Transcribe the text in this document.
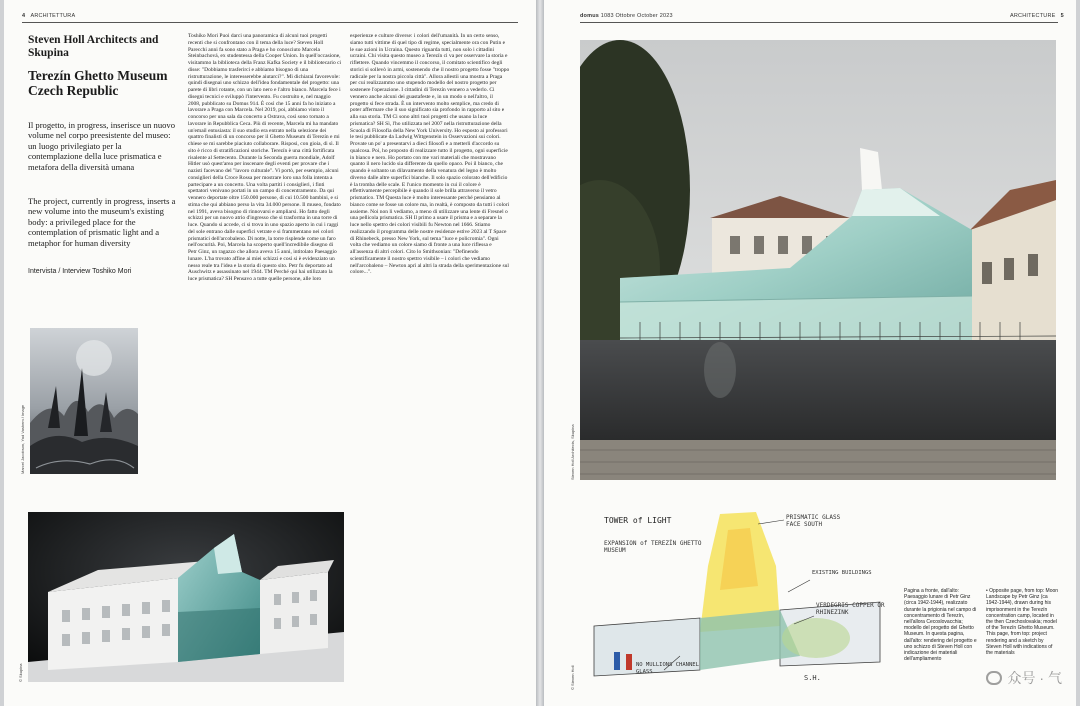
4 ARCHITETTURA
Steven Holl Architects and Skupina
Terezín Ghetto Museum
Czech Republic
Il progetto, in progress, inserisce un nuovo volume nel corpo preesistente del museo: un luogo privilegiato per la contemplazione della luce prismatica e metafora della diversità umana
The project, currently in progress, inserts a new volume into the museum's existing body: a privileged place for the contemplation of prismatic light and a metaphor for human diversity
Intervista / Interview Toshiko Mori
Marcel Jacobson, Yad Vashem / Image
Toshiko Mori Puoi darci una panoramica di alcuni tuoi progetti recenti che si confrontano con il tema della luce? Steven Holl Parecchi anni fa sono stato a Praga e ho conosciuto Marcela Steinbachová, ex studentessa della Cooper Union. In quell'occasione, visitammo la biblioteca della Franz Kafka Society e il bibliotecario ci disse: "Dobbiamo trasferirci e abbiamo bisogno di una ristrutturazione, le interesserebbe aiutarci?". Mi dichiarai favorevole: quindi disegnai uno schizzo dell'idea fondamentale del progetto: una parete di libri rotante, con un lato nero e l'altro bianco. Marcela fece i disegni tecnici e sviluppò l'intervento. Fu costruito e, nel maggio 2008, pubblicato su Domus 914. È così che 15 anni fa ho iniziato a lavorare a Praga con Marcela. Nel 2019, poi, abbiamo vinto il concorso per una sala da concerto a Ostrava, così sono tornato a lavorare in Repubblica Ceca. Più di recente, Marcela mi ha mandato un'email entusiasta: il suo studio era entrato nella selezione dei quattro finalisti di un concorso per il Ghetto Museum di Terezín e mi chiese se mi sarebbe piaciuto collaborare. Risposi, con gioia, di sì. Il sito è ricco di stratificazioni storiche. Terezín è una città fortificata risalente al Settecento. Durante la Seconda guerra mondiale, Adolf Hitler usò quest'area per inscenare degli eventi per provare che i nazisti facevano del "lavoro culturale". Vi portò, per esempio, alcuni consiglieri della Croce Rossa per mostrare loro una folla intenta a partecipare a un concerto. Una volta partiti i consiglieri, i finti spettatori venivano portati in un campo di concentramento. Da qui vennero deportate oltre 150.000 persone, di cui 10.500 bambini, e si stima che qui abbiano perso la vita 34.000 persone. Il museo, fondato nel 1991, aveva bisogno di rinnovarsi e ampliarsi. Ho fatto degli schizzi per un nuovo atrio d'ingresso che si trasforma in una torre di luce. Quando si accede, ci si trova in uno spazio aperto in cui i raggi del sole entrano dalle superfici vetrate e si frammentano nei colori prismatici dell'arcobaleno. Di notte, la torre risplende come un faro nell'oscurità. Poi, Marcela ha scoperto quell'incredibile disegno di Petr Ginz, un ragazzo che allora aveva 15 anni, intitolato Paesaggio lunare. L'ha trovato affine ai miei schizzi e così si è evidenziato un nesso reale tra l'idea e la storia di questo sito. Petr fu deportato ad Auschwitz e assassinato nel 1944. TM Perché qui hai utilizzato la luce prismatica? SH Pensavo a tutte quelle persone, alle loro
esperienze e culture diverse: i colori dell'umanità. In un certo senso, siamo tutti vittime di quel tipo di regime, specialmente ora con Putin e le sue azioni in Ucraina. Questo riguarda tutti, non solo i cittadini ucraini. Chi visita questo museo a Terezín ci va per osservare la storia e riflettere. Quando vincemmo il concorso, il comitato scientifico degli storici si sollevò in armi, sostenendo che il nostro progetto fosse "troppo radicale per la nostra piccola città". Allora allestii una mostra a Praga per cui realizzammo uno stupendo modello del nostro progetto per sostenere l'operazione. I cittadini di Terezín vennero a vederlo. Ci vennero anche alcuni dei guastafeste e, in un modo o nell'altro, il progetto si fece strada. È un intervento molto semplice, ma credo di poter affermare che il suo significato sia profondo in rapporto al sito e alla sua storia. TM Ci sono altri tuoi progetti che usano la luce prismatica? SH Sì, l'ho utilizzata nel 2007 nella ristrutturazione della Scuola di Filosofia della New York University. Ho esposto ai professori le tesi pubblicate da Ludwig Wittgenstein in Osservazioni sui colori. Provate un po' a presentarvi a dieci filosofi e a metterli d'accordo su qualcosa. Poi, ho proposto di realizzare tutto il progetto, ogni superficie in bianco e nero. Ho portato con me vari materiali che mostravano quanto il nero lucido sia differente da quello opaco. Poi il bianco, che quando è soltanto un dilavamento della venatura del legno è molto diverso dalle altre superfici bianche. Il solo spazio colorato dell'edificio è la tromba delle scale. E l'unico momento in cui il colore è effettivamente percepibile è quando il sole brilla attraverso il vetro prismatico. TM Questa luce è molto interessante perché pensiamo al bianco come se fosse un colore ma, in realtà, è composto da tutti i colori assieme. Noi non li vediamo, a meno di utilizzare una lente di Fresnel o una pellicola prismatica. SH Il primo a usare il prisma e a separare la luce nello spettro dei colori visibili fu Newton nel 1666. Stiamo realizzando il programma delle nostre residenze estive 2023 al T Space di Rhinebeck, presso New York, sul tema "luce e policromia". Ogni volta che vediamo un colore siamo di fronte a una luce riflessa e all'assenza di altri colori. Cito lo Smithsonian: "Definendo scientificamente il nostro spettro visibile – i colori che vediamo nell'arcobaleno – Newton aprì al altri la strada della sperimentazione sul colore...".
© Skupina
domus 1083 Ottobre October 2023	ARCHITECTURE 5
Steven Holl Architects, Skupina
TOWER of LIGHT
EXPANSION of TEREZÍN GHETTO MUSEUM
PRISMATIC GLASS FACE SOUTH
EXISTING BUILDINGS
VERDEGRIS COPPER OR RHINEZINK
NO MULLIONS CHANNEL GLASS
S.H.
© Steven Holl
Pagina a fronte, dall'alto: Paesaggio lunare di Petr Ginz (circa 1942-1944), realizzato durante la prigionia nel campo di concentramento di Terezín, nell'allora Cecoslovacchia; modello del progetto del Ghetto Museum. In questa pagina, dall'alto: rendering del progetto e uno schizzo di Steven Holl con indicazione dei materiali dell'ampliamento
• Opposite page, from top: Moon Landscape by Petr Ginz (ca 1942-1944), drawn during his imprisonment in the Terezín concentration camp, located in the then Czechoslovakia; model of the Terezín Ghetto Museum. This page, from top: project rendering and a sketch by Steven Holl with indications of the materials
众号 · 气
